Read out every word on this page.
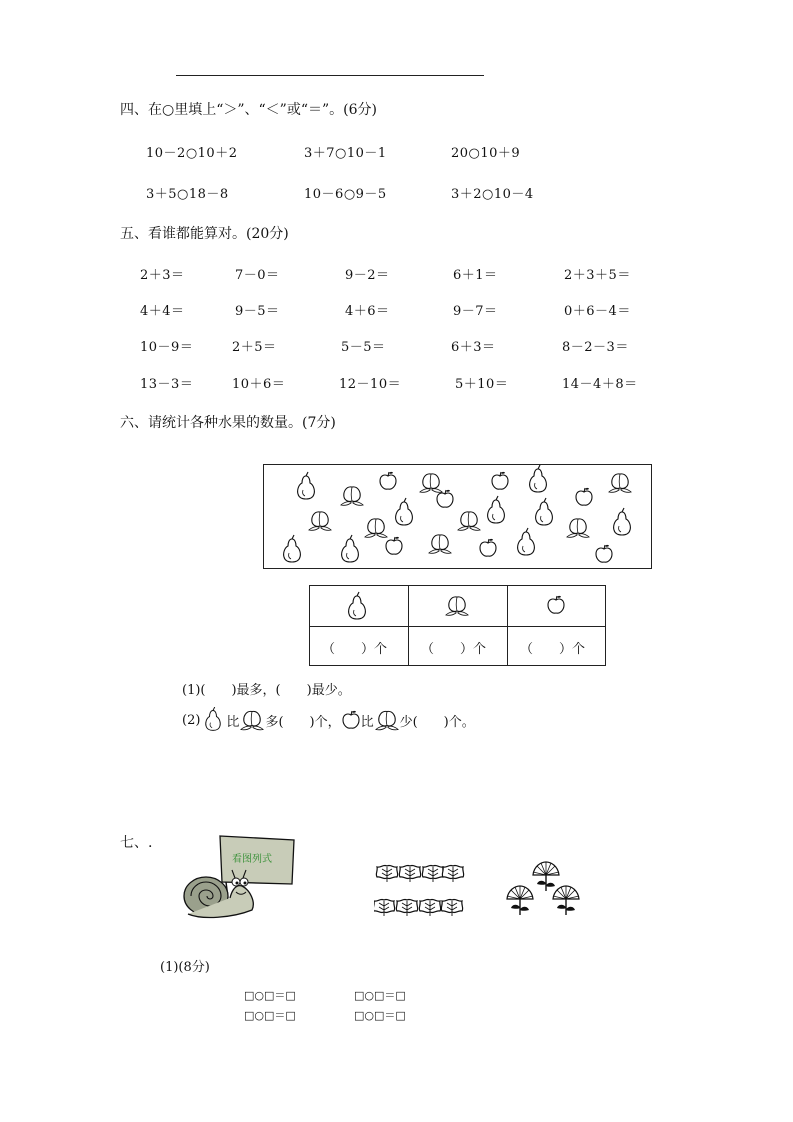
四、在○里填上“＞”、“＜”或“＝”。(6分)
10－2○10＋2	3＋7○10－1	20○10＋9
3＋5○18－8	10－6○9－5	3＋2○10－4
五、看谁都能算对。(20分)
2＋3＝	7－0＝	9－2＝	6＋1＝	2＋3＋5＝
4＋4＝	9－5＝	4＋6＝	9－7＝	0＋6－4＝
10－9＝	2＋5＝	5－5＝	6＋3＝	8－2－3＝
13－3＝	10＋6＝	12－10＝	5＋10＝	14－4＋8＝
六、请统计各种水果的数量。(7分)
（　　）个	（　　）个	（　　）个
(1)(　　)最多，(　　)最少。
(2) 比 多(　　)个， 比 少(　　)个。
七、.
看图列式
(1)(8分)
□○□＝□	□○□＝□
□○□＝□	□○□＝□
